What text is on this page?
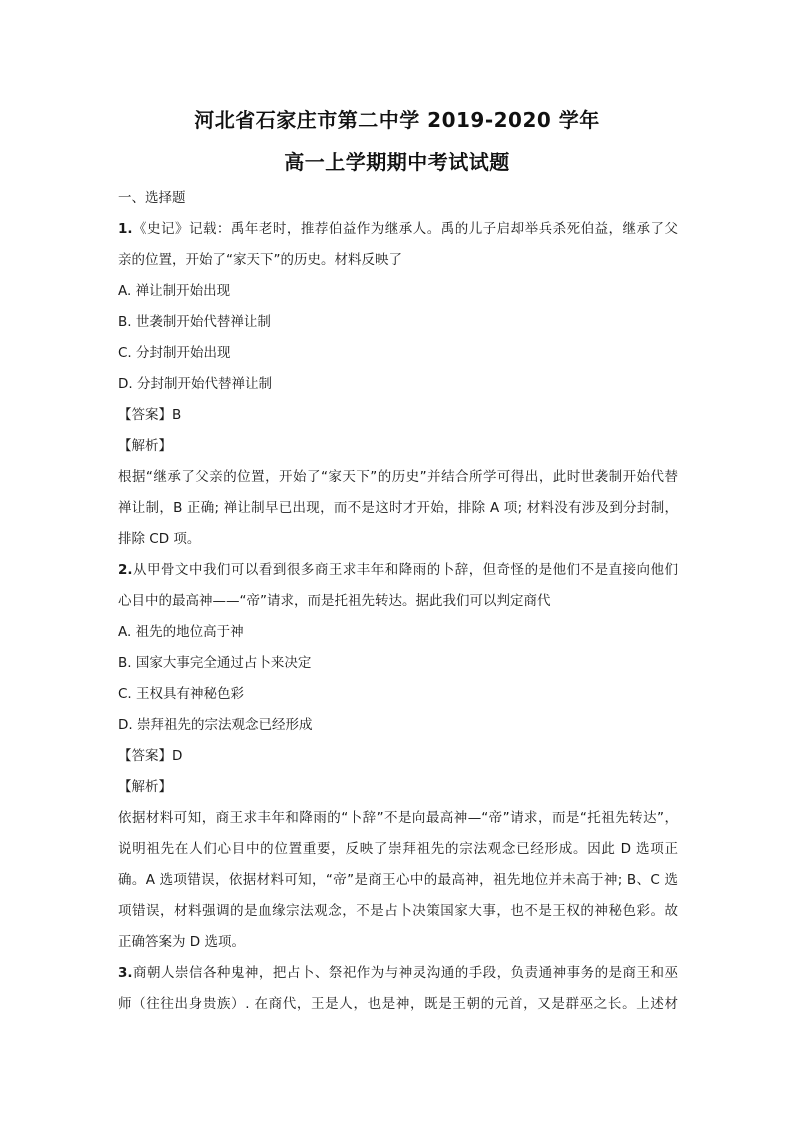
河北省石家庄市第二中学 2019-2020 学年
高一上学期期中考试试题
一、选择题
1.《史记》记载：禹年老时，推荐伯益作为继承人。禹的儿子启却举兵杀死伯益，继承了父
亲的位置，开始了“家天下”的历史。材料反映了
A. 禅让制开始出现
B. 世袭制开始代替禅让制
C. 分封制开始出现
D. 分封制开始代替禅让制
【答案】B
【解析】
根据“继承了父亲的位置，开始了“家天下”的历史”并结合所学可得出，此时世袭制开始代替
禅让制，B 正确; 禅让制早已出现，而不是这时才开始，排除 A 项; 材料没有涉及到分封制，
排除 CD 项。
2.从甲骨文中我们可以看到很多商王求丰年和降雨的卜辞，但奇怪的是他们不是直接向他们
心目中的最高神——“帝”请求，而是托祖先转达。据此我们可以判定商代
A. 祖先的地位高于神
B. 国家大事完全通过占卜来决定
C. 王权具有神秘色彩
D. 崇拜祖先的宗法观念已经形成
【答案】D
【解析】
依据材料可知，商王求丰年和降雨的“卜辞”不是向最高神—“帝”请求，而是“托祖先转达”，
说明祖先在人们心目中的位置重要，反映了崇拜祖先的宗法观念已经形成。因此 D 选项正
确。A 选项错误，依据材料可知，“帝”是商王心中的最高神，祖先地位并未高于神; B、C 选
项错误，材料强调的是血缘宗法观念，不是占卜决策国家大事，也不是王权的神秘色彩。故
正确答案为 D 选项。
3.商朝人崇信各种鬼神，把占卜、祭祀作为与神灵沟通的手段，负责通神事务的是商王和巫
师（往往出身贵族）. 在商代，王是人，也是神，既是王朝的元首，又是群巫之长。上述材
